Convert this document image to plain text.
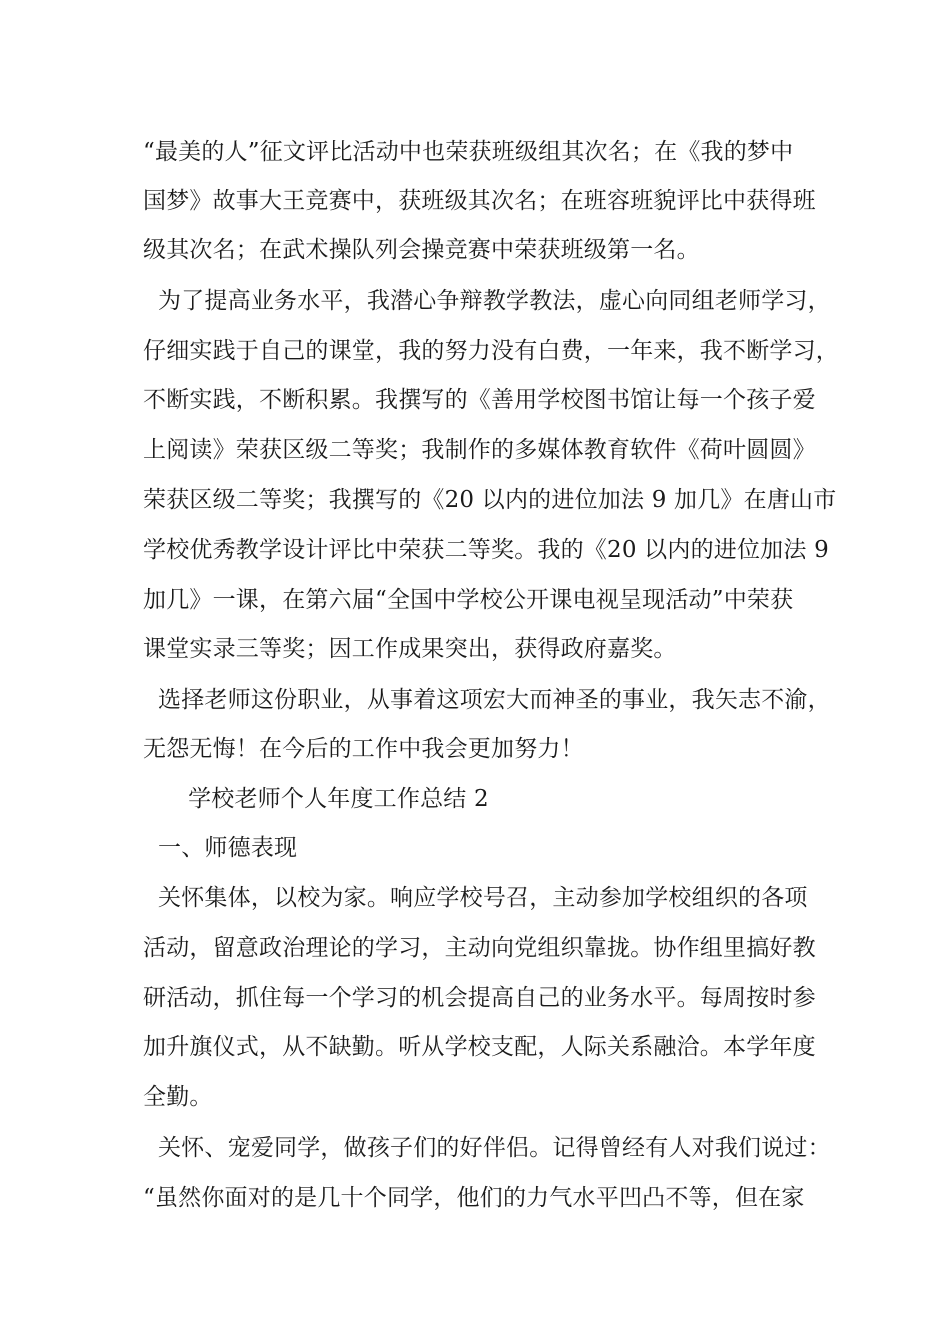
“最美的人”征文评比活动中也荣获班级组其次名；在《我的梦中
国梦》故事大王竞赛中，获班级其次名；在班容班貌评比中获得班
级其次名；在武术操队列会操竞赛中荣获班级第一名。
为了提高业务水平，我潜心争辩教学教法，虚心向同组老师学习，
仔细实践于自己的课堂，我的努力没有白费，一年来，我不断学习，
不断实践，不断积累。我撰写的《善用学校图书馆让每一个孩子爱
上阅读》荣获区级二等奖；我制作的多媒体教育软件《荷叶圆圆》
荣获区级二等奖；我撰写的《20 以内的进位加法 9 加几》在唐山市
学校优秀教学设计评比中荣获二等奖。我的《20 以内的进位加法 9
加几》一课，在第六届“全国中学校公开课电视呈现活动”中荣获
课堂实录三等奖；因工作成果突出，获得政府嘉奖。
选择老师这份职业，从事着这项宏大而神圣的事业，我矢志不渝，
无怨无悔！在今后的工作中我会更加努力！
学校老师个人年度工作总结 2
一、师德表现
关怀集体，以校为家。响应学校号召，主动参加学校组织的各项
活动，留意政治理论的学习，主动向党组织靠拢。协作组里搞好教
研活动，抓住每一个学习的机会提高自己的业务水平。每周按时参
加升旗仪式，从不缺勤。听从学校支配，人际关系融洽。本学年度
全勤。
关怀、宠爱同学，做孩子们的好伴侣。记得曾经有人对我们说过：
“虽然你面对的是几十个同学，他们的力气水平凹凸不等，但在家
